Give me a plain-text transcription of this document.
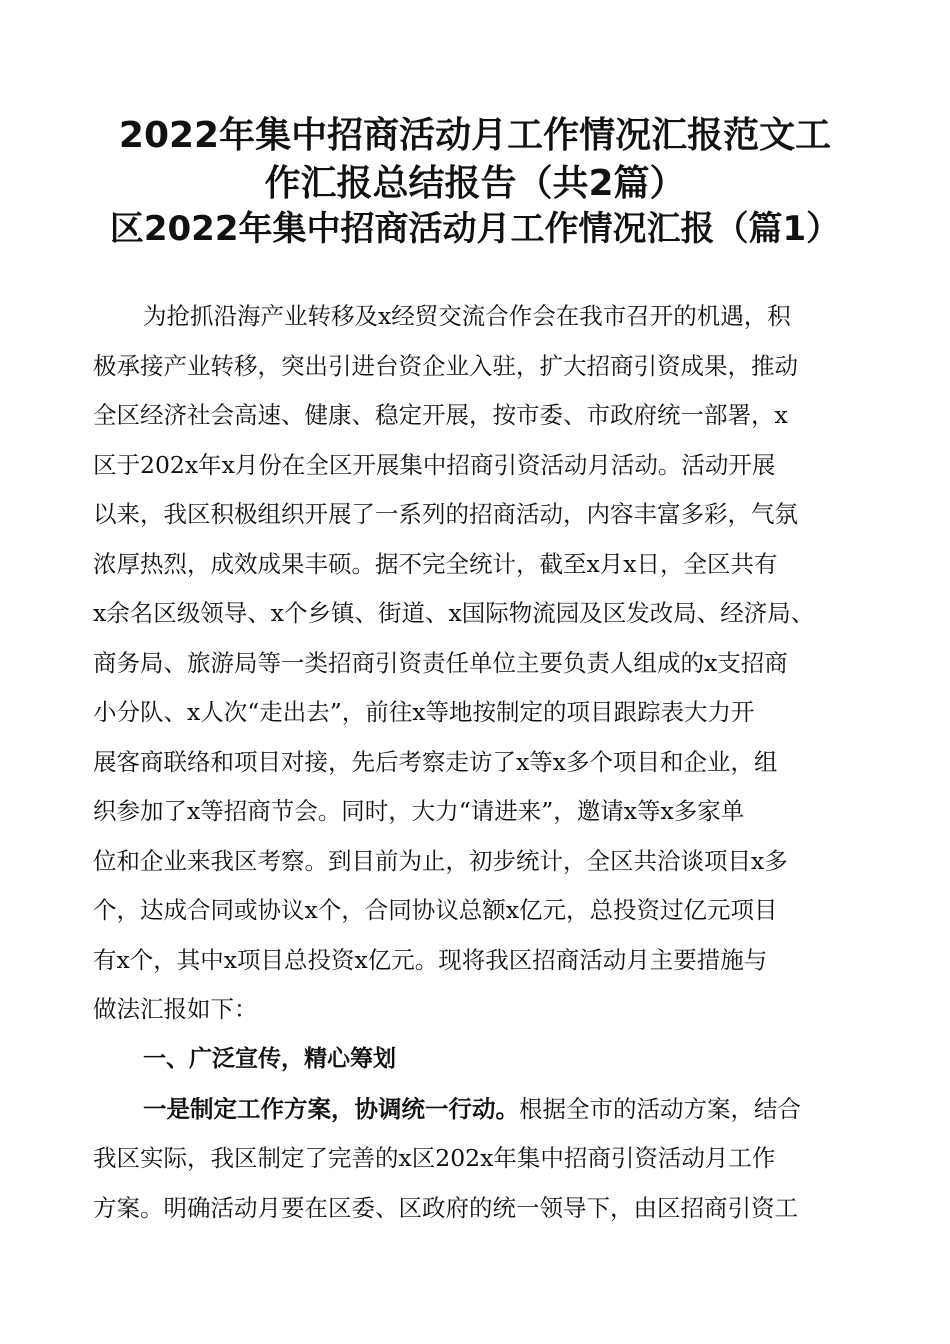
2022年集中招商活动月工作情况汇报范文工
作汇报总结报告（共2篇）
区2022年集中招商活动月工作情况汇报（篇1）

为抢抓沿海产业转移及x经贸交流合作会在我市召开的机遇，积

极承接产业转移，突出引进台资企业入驻，扩大招商引资成果，推动

全区经济社会高速、健康、稳定开展，按市委、市政府统一部署，x

区于202x年x月份在全区开展集中招商引资活动月活动。活动开展

以来，我区积极组织开展了一系列的招商活动，内容丰富多彩，气氛

浓厚热烈，成效成果丰硕。据不完全统计，截至x月x日，全区共有

x余名区级领导、x个乡镇、街道、x国际物流园及区发改局、经济局、

商务局、旅游局等一类招商引资责任单位主要负责人组成的x支招商

小分队、x人次“走出去”，前往x等地按制定的项目跟踪表大力开

展客商联络和项目对接，先后考察走访了x等x多个项目和企业，组

织参加了x等招商节会。同时，大力“请进来”，邀请x等x多家单

位和企业来我区考察。到目前为止，初步统计，全区共洽谈项目x多

个，达成合同或协议x个，合同协议总额x亿元，总投资过亿元项目

有x个，其中x项目总投资x亿元。现将我区招商活动月主要措施与

做法汇报如下：

一、广泛宣传，精心筹划

一是制定工作方案，协调统一行动。根据全市的活动方案，结合

我区实际，我区制定了完善的x区202x年集中招商引资活动月工作

方案。明确活动月要在区委、区政府的统一领导下，由区招商引资工
